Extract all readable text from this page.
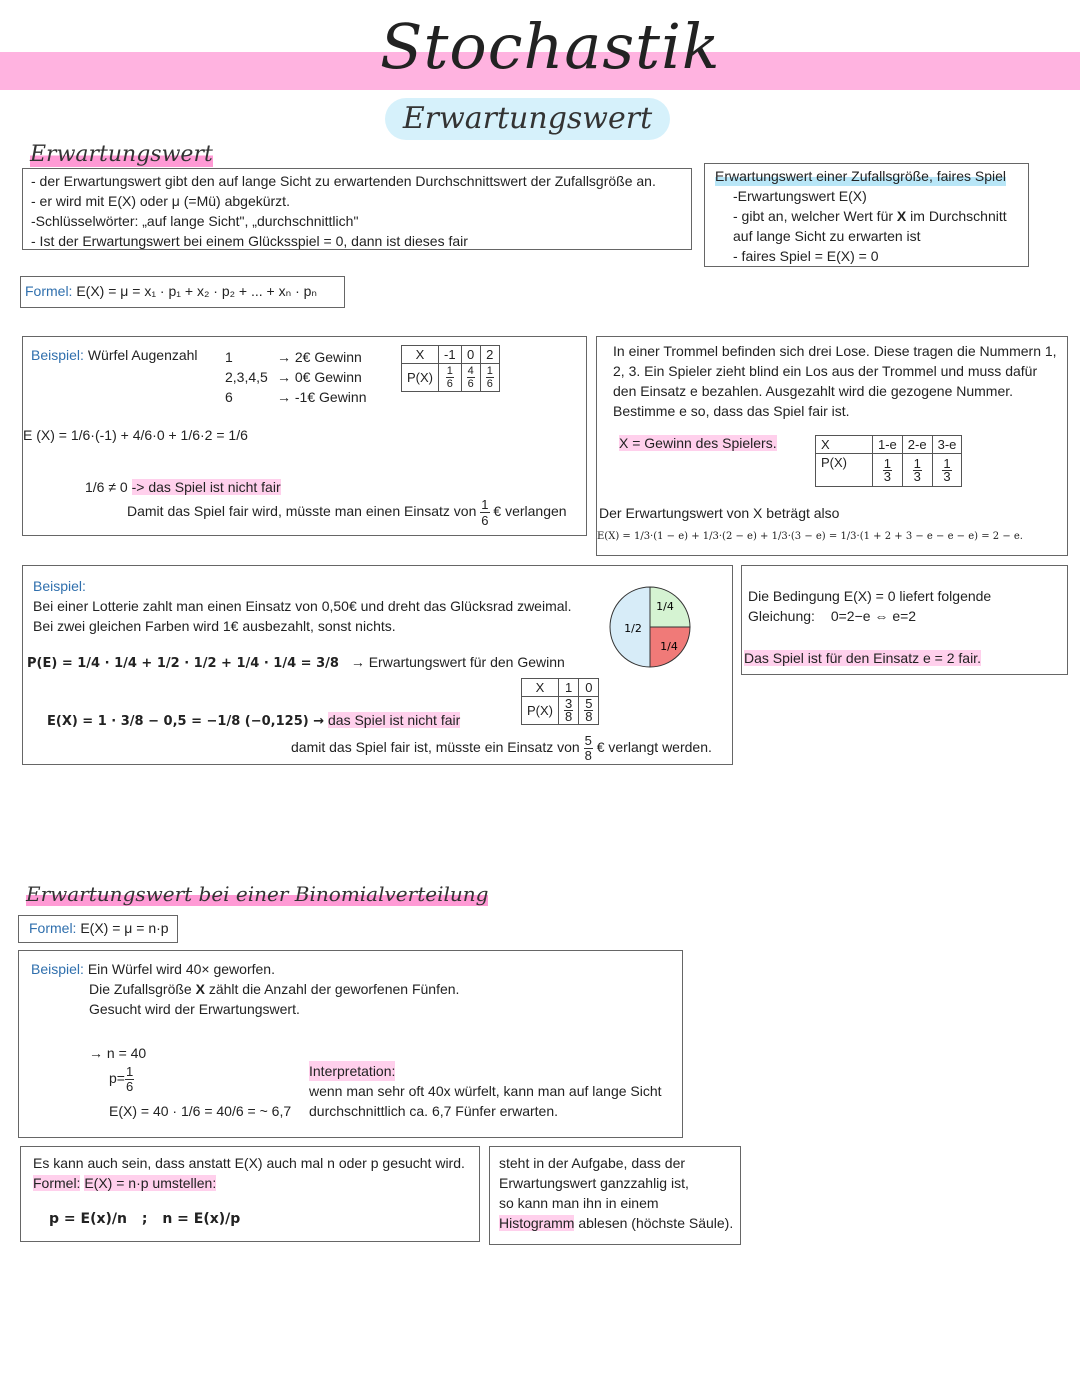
Stochastik
Erwartungswert
Erwartungswert
- der Erwartungswert gibt den auf lange Sicht zu erwartenden Durchschnittswert der Zufallsgröße an.
- er wird mit E(X) oder μ (=Mü) abgekürzt.
-Schlüsselwörter: „auf lange Sicht", „durchschnittlich"
- Ist der Erwartungswert bei einem Glücksspiel = 0, dann ist dieses fair
Erwartungswert einer Zufallsgröße, faires Spiel
-Erwartungswert E(X)
- gibt an, welcher Wert für X im Durchschnitt
auf lange Sicht zu erwarten ist
- faires Spiel = E(X) = 0
Formel: E(X) = μ = x₁ · p₁ + x₂ · p₂ + ... + xₙ · pₙ
Beispiel: Würfel Augenzahl 1	→ 2€ Gewinn
2,3,4,5 → 0€ Gewinn
6	→ -1€ Gewinn
X	-1	0	2
P(X)	$\frac{1}{6}$	$\frac{4}{6}$	$\frac{1}{6}$
E (X) = 1/6·(-1) + 4/6·0 + 1/6·2 = 1/6
1/6 ≠ 0 -> das Spiel ist nicht fair
Damit das Spiel fair wird, müsste man einen Einsatz von $\frac{1}{6}$ € verlangen
In einer Trommel befinden sich drei Lose. Diese tragen die Nummern 1, 2, 3. Ein Spieler zieht blind ein Los aus der Trommel und muss dafür den Einsatz e bezahlen. Ausgezahlt wird die gezogene Nummer. Bestimme e so, dass das Spiel fair ist.
X = Gewinn des Spielers.	X	1-e	2-e	3-e
P(X)	$\frac{1}{3}$	$\frac{1}{3}$	$\frac{1}{3}$
Der Erwartungswert von X beträgt also
E(X) = 1/3·(1 − e) + 1/3·(2 − e) + 1/3·(3 − e) = 1/3·(1 + 2 + 3 − e − e − e) = 2 − e.
Beispiel:
Bei einer Lotterie zahlt man einen Einsatz von 0,50€ und dreht das Glücksrad zweimal.
Bei zwei gleichen Farben wird 1€ ausbezahlt, sonst nichts.
P(E) = 1/4 · 1/4 + 1/2 · 1/2 + 1/4 · 1/4 = 3/8 → Erwartungswert für den Gewinn
E(X) = 1 · 3/8 − 0,5 = −1/8 (−0,125) → das Spiel ist nicht fair
damit das Spiel fair ist, müsste ein Einsatz von $\frac{5}{8}$ € verlangt werden.
1/2
1/4
1/4
X	1	0
P(X)	$\frac{3}{8}$	$\frac{5}{8}$
Die Bedingung E(X) = 0 liefert folgende
Gleichung: 0=2−e ⇔ e=2
Das Spiel ist für den Einsatz e = 2 fair.
Erwartungswert bei einer Binomialverteilung
Formel: E(X) = μ = n·p
Beispiel: Ein Würfel wird 40× geworfen.
Die Zufallsgröße X zählt die Anzahl der geworfenen Fünfen.
Gesucht wird der Erwartungswert.
→ n = 40
$p= \frac{1}{6}$
E(X) = 40 · 1/6 = 40/6 = ~ 6,7
Interpretation:
wenn man sehr oft 40x würfelt, kann man auf lange Sicht
durchschnittlich ca. 6,7 Fünfer erwarten.
Es kann auch sein, dass anstatt E(X) auch mal n oder p gesucht wird.
Formel: E(X) = n·p umstellen:
p = E(x)/n ; n = E(x)/p
steht in der Aufgabe, dass der
Erwartungswert ganzzahlig ist,
so kann man ihn in einem
Histogramm ablesen (höchste Säule).
